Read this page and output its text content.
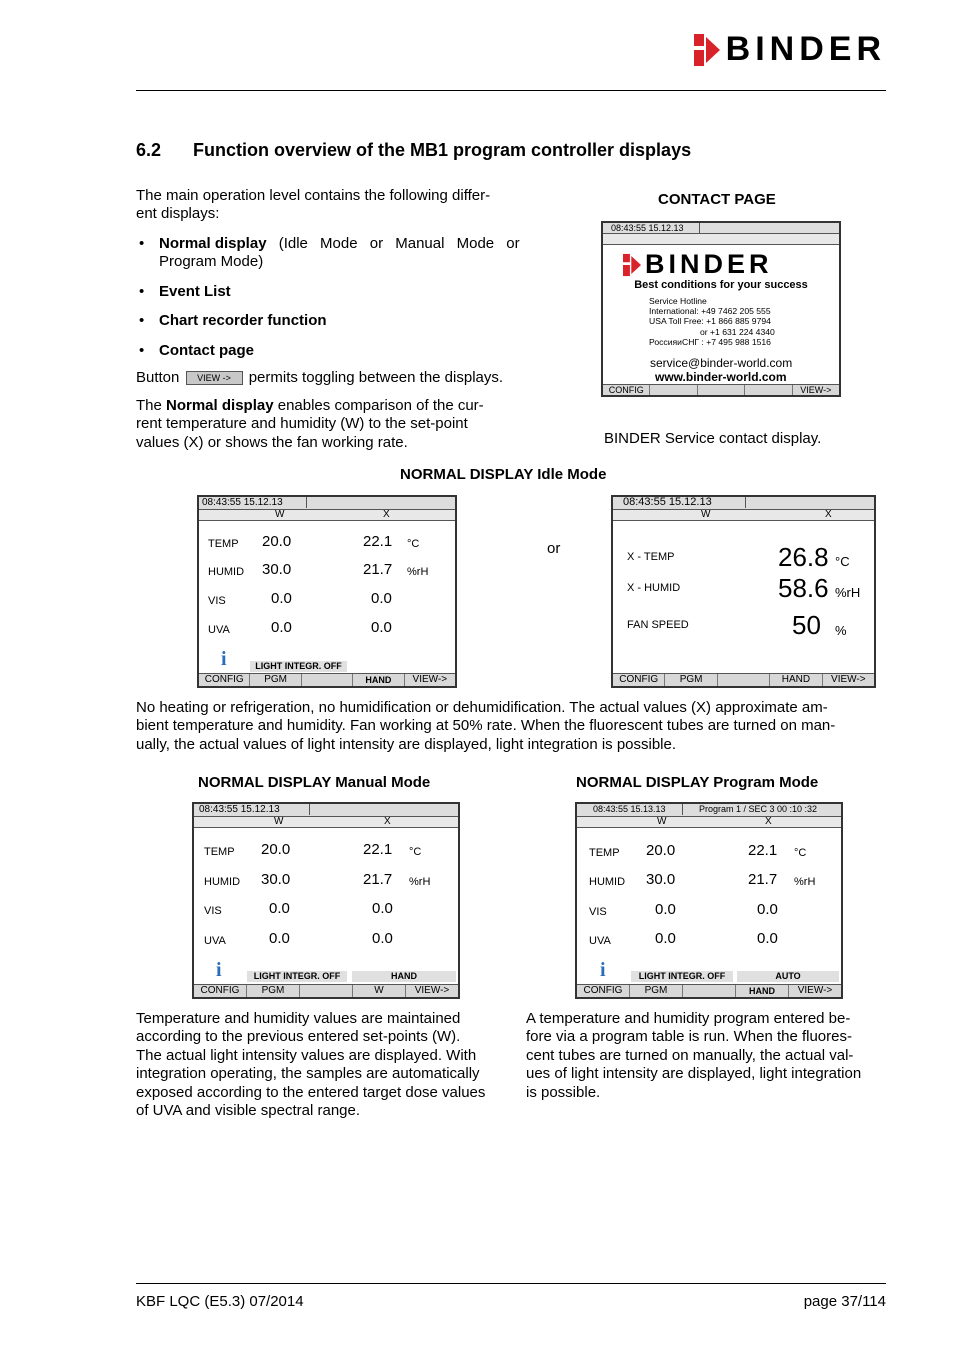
BINDER
6.2 Function overview of the MB1 program controller displays
The main operation level contains the following differ-
ent displays:
• Normal display (Idle Mode or Manual Mode or
Program Mode)
• Event List
• Chart recorder function
• Contact page
Button VIEW -> permits toggling between the displays.
The Normal display enables comparison of the cur-
rent temperature and humidity (W) to the set-point
values (X) or shows the fan working rate.
CONTACT PAGE
08:43:55 15.12.13
BINDER
Best conditions for your success
Service Hotline
International: +49 7462 205 555
USA Toll Free: +1 866 885 9794
or +1 631 224 4340
РоссияиСНГ : +7 495 988 1516
service@binder-world.com
www.binder-world.com
CONFIG	VIEW->
BINDER Service contact display.
NORMAL DISPLAY Idle Mode
08:43:55 15.12.13
W	X
TEMP 20.0	22.1 °C
HUMID 30.0	21.7 %rH
VIS	0.0	0.0
UVA	0.0	0.0
i	LIGHT INTEGR. OFF
CONFIG	PGM	HAND	VIEW->
or
08:43:55 15.12.13
W	X
X - TEMP	26.8 °C
X - HUMID	58.6 %rH
FAN SPEED	50 %
CONFIG	PGM	HAND	VIEW->
No heating or refrigeration, no humidification or dehumidification. The actual values (X) approximate am-
bient temperature and humidity. Fan working at 50% rate. When the fluorescent tubes are turned on man-
ually, the actual values of light intensity are displayed, light integration is possible.
NORMAL DISPLAY Manual Mode
08:43:55 15.12.13
W	X
TEMP 20.0	22.1 °C
HUMID 30.0	21.7 %rH
VIS	0.0	0.0
UVA	0.0	0.0
i	LIGHT INTEGR. OFF	HAND
CONFIG	PGM	W	VIEW->
Temperature and humidity values are maintained
according to the previous entered set-points (W).
The actual light intensity values are displayed. With
integration operating, the samples are automatically
exposed according to the entered target dose values
of UVA and visible spectral range.
NORMAL DISPLAY Program Mode
08:43:55 15.13.13	Program 1 / SEC 3 00 :10 :32
W	X
TEMP 20.0	22.1 °C
HUMID 30.0	21.7 %rH
VIS	0.0	0.0
UVA	0.0	0.0
i	LIGHT INTEGR. OFF	AUTO
CONFIG	PGM	HAND	VIEW->
A temperature and humidity program entered be-
fore via a program table is run. When the fluores-
cent tubes are turned on manually, the actual val-
ues of light intensity are displayed, light integration
is possible.
KBF LQC (E5.3) 07/2014	page 37/114
